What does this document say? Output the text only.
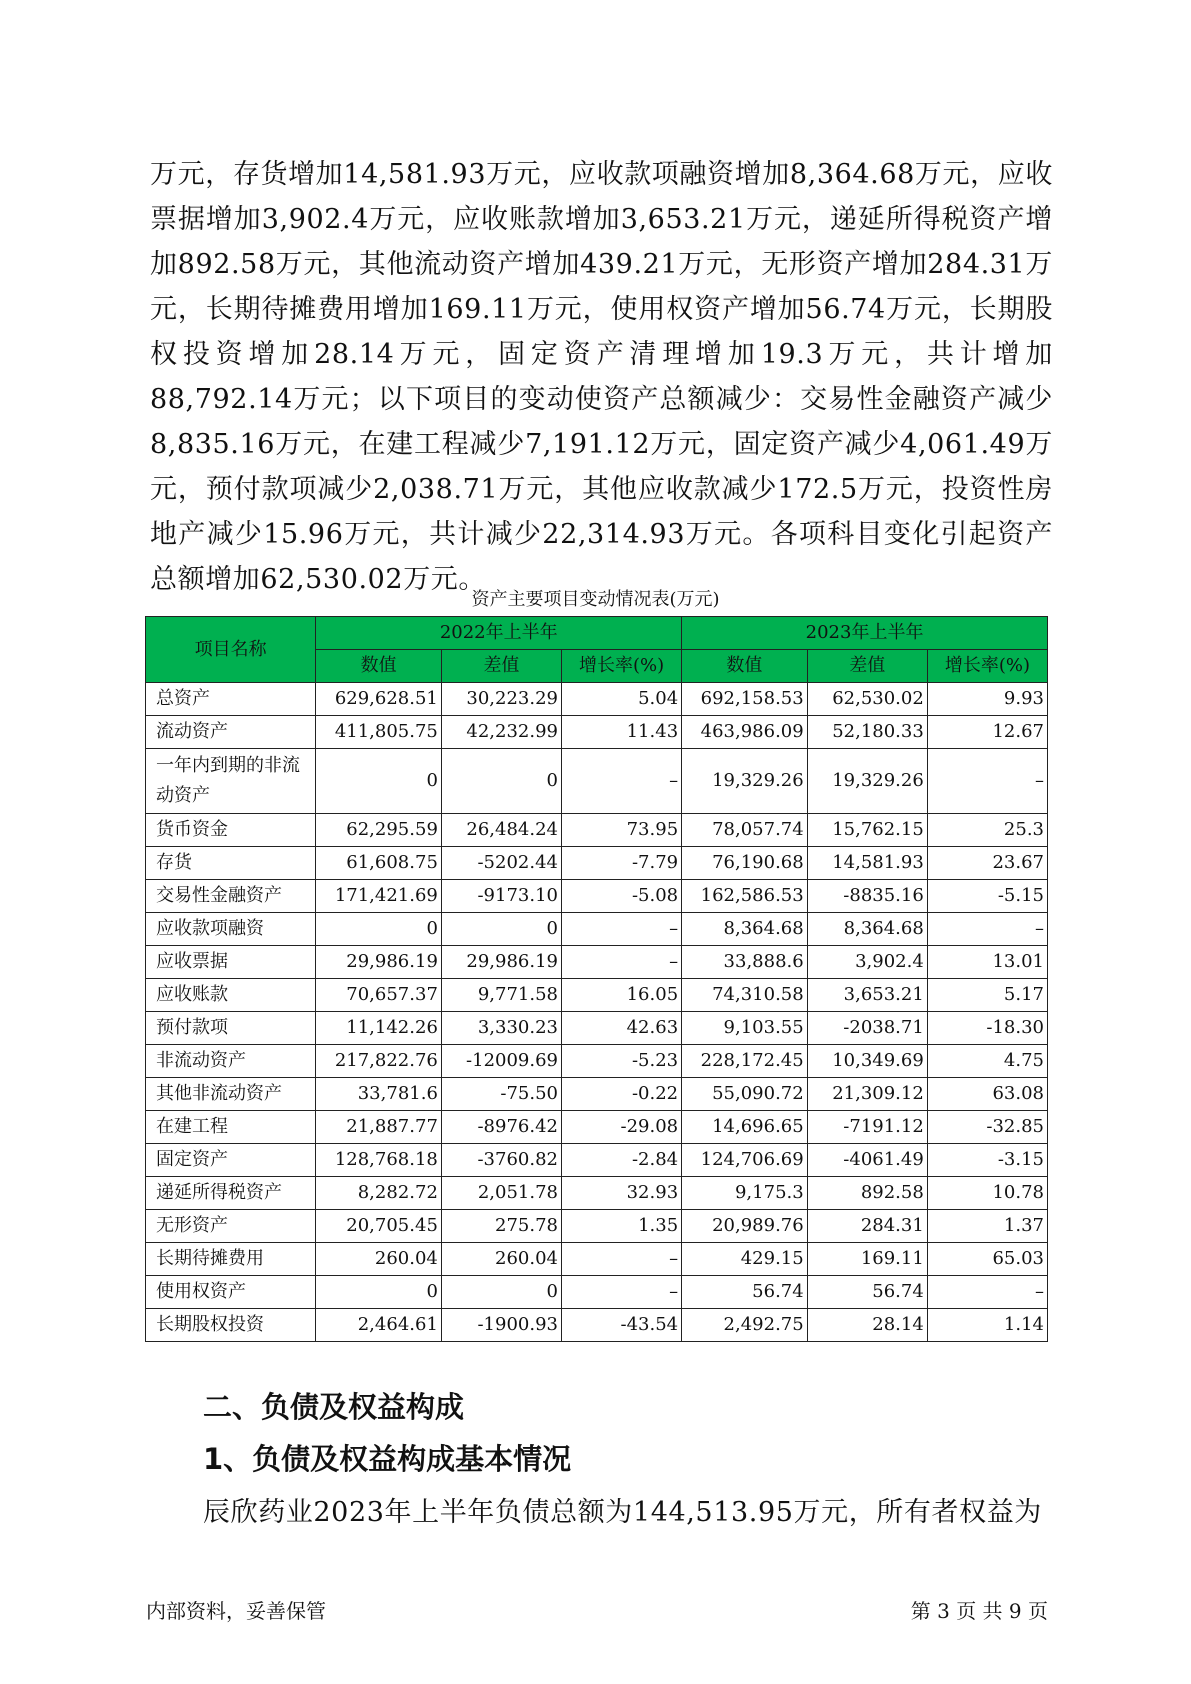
万元，存货增加14,581.93万元，应收款项融资增加8,364.68万元，应收票据增加3,902.4万元，应收账款增加3,653.21万元，递延所得税资产增加892.58万元，其他流动资产增加439.21万元，无形资产增加284.31万元，长期待摊费用增加169.11万元，使用权资产增加56.74万元，长期股权投资增加28.14万元，固定资产清理增加19.3万元，共计增加88,792.14万元；以下项目的变动使资产总额减少：交易性金融资产减少8,835.16万元，在建工程减少7,191.12万元，固定资产减少4,061.49万元，预付款项减少2,038.71万元，其他应收款减少172.5万元，投资性房地产减少15.96万元，共计减少22,314.93万元。各项科目变化引起资产总额增加62,530.02万元。
资产主要项目变动情况表(万元)
项目名称	2022年上半年			2023年上半年		
	数值	差值	增长率(%)	数值	差值	增长率(%)
总资产	629,628.51	30,223.29	5.04	692,158.53	62,530.02	9.93
流动资产	411,805.75	42,232.99	11.43	463,986.09	52,180.33	12.67
一年内到期的非流动资产	0	0	–	19,329.26	19,329.26	–
货币资金	62,295.59	26,484.24	73.95	78,057.74	15,762.15	25.3
存货	61,608.75	-5202.44	-7.79	76,190.68	14,581.93	23.67
交易性金融资产	171,421.69	-9173.10	-5.08	162,586.53	-8835.16	-5.15
应收款项融资	0	0	–	8,364.68	8,364.68	–
应收票据	29,986.19	29,986.19	–	33,888.6	3,902.4	13.01
应收账款	70,657.37	9,771.58	16.05	74,310.58	3,653.21	5.17
预付款项	11,142.26	3,330.23	42.63	9,103.55	-2038.71	-18.30
非流动资产	217,822.76	-12009.69	-5.23	228,172.45	10,349.69	4.75
其他非流动资产	33,781.6	-75.50	-0.22	55,090.72	21,309.12	63.08
在建工程	21,887.77	-8976.42	-29.08	14,696.65	-7191.12	-32.85
固定资产	128,768.18	-3760.82	-2.84	124,706.69	-4061.49	-3.15
递延所得税资产	8,282.72	2,051.78	32.93	9,175.3	892.58	10.78
无形资产	20,705.45	275.78	1.35	20,989.76	284.31	1.37
长期待摊费用	260.04	260.04	–	429.15	169.11	65.03
使用权资产	0	0	–	56.74	56.74	–
长期股权投资	2,464.61	-1900.93	-43.54	2,492.75	28.14	1.14
二、负债及权益构成
1、负债及权益构成基本情况
辰欣药业2023年上半年负债总额为144,513.95万元，所有者权益为
内部资料，妥善保管	第 3 页 共 9 页
